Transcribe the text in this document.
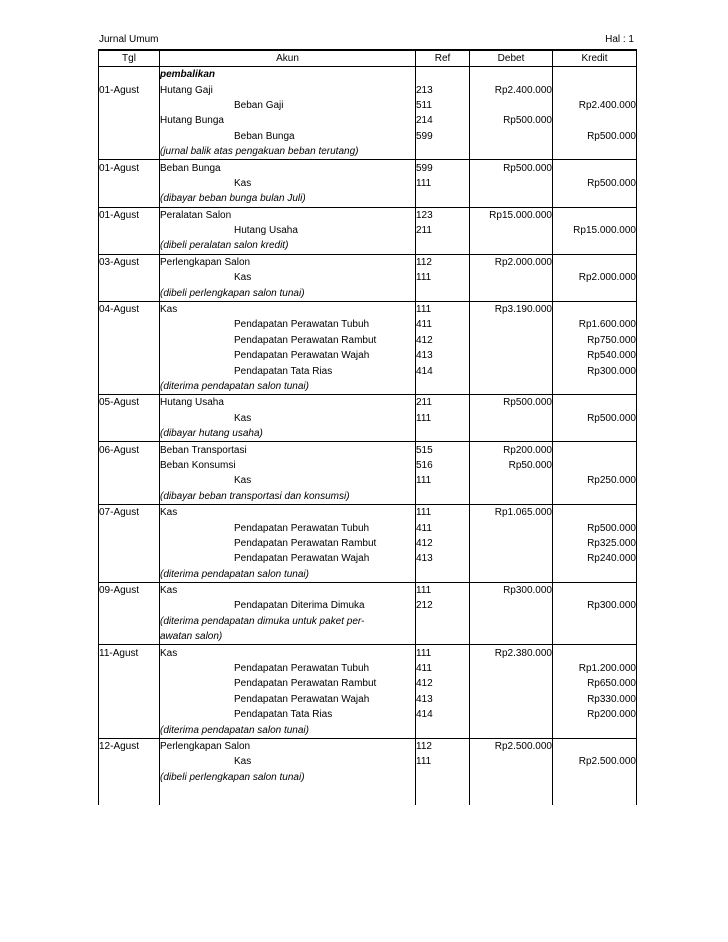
Jurnal Umum	Hal : 1
Tgl	Akun	Ref	Debet	Kredit
	pembalikan			
01-Agust	Hutang Gaji	213	Rp2.400.000	
	Beban Gaji	511		Rp2.400.000
	Hutang Bunga	214	Rp500.000	
	Beban Bunga	599		Rp500.000
	(jurnal balik atas pengakuan beban terutang)			
01-Agust	Beban Bunga	599	Rp500.000	
	Kas	111		Rp500.000
	(dibayar beban bunga bulan Juli)			
01-Agust	Peralatan Salon	123	Rp15.000.000	
	Hutang Usaha	211		Rp15.000.000
	(dibeli peralatan salon kredit)			
03-Agust	Perlengkapan Salon	112	Rp2.000.000	
	Kas	111		Rp2.000.000
	(dibeli perlengkapan salon tunai)			
04-Agust	Kas	111	Rp3.190.000	
	Pendapatan Perawatan Tubuh	411		Rp1.600.000
	Pendapatan Perawatan Rambut	412		Rp750.000
	Pendapatan Perawatan Wajah	413		Rp540.000
	Pendapatan Tata Rias	414		Rp300.000
	(diterima pendapatan salon tunai)			
05-Agust	Hutang Usaha	211	Rp500.000	
	Kas	111		Rp500.000
	(dibayar hutang usaha)			
06-Agust	Beban Transportasi	515	Rp200.000	
	Beban Konsumsi	516	Rp50.000	
	Kas	111		Rp250.000
	(dibayar beban transportasi dan konsumsi)			
07-Agust	Kas	111	Rp1.065.000	
	Pendapatan Perawatan Tubuh	411		Rp500.000
	Pendapatan Perawatan Rambut	412		Rp325.000
	Pendapatan Perawatan Wajah	413		Rp240.000
	(diterima pendapatan salon tunai)			
09-Agust	Kas	111	Rp300.000	
	Pendapatan Diterima Dimuka	212		Rp300.000
	(diterima pendapatan dimuka untuk paket per-			
	awatan salon)			
11-Agust	Kas	111	Rp2.380.000	
	Pendapatan Perawatan Tubuh	411		Rp1.200.000
	Pendapatan Perawatan Rambut	412		Rp650.000
	Pendapatan Perawatan Wajah	413		Rp330.000
	Pendapatan Tata Rias	414		Rp200.000
	(diterima pendapatan salon tunai)			
12-Agust	Perlengkapan Salon	112	Rp2.500.000	
	Kas	111		Rp2.500.000
	(dibeli perlengkapan salon tunai)			
